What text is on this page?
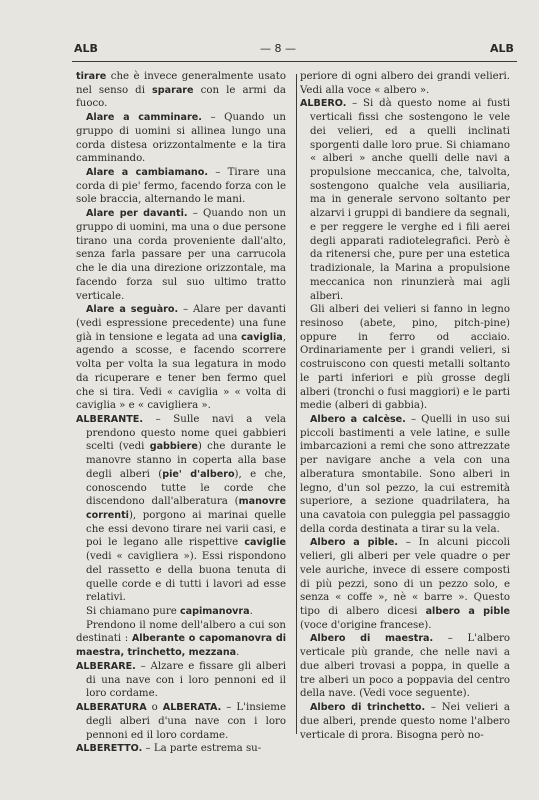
ALB	— 8 —	ALB

tirare che è invece generalmente usato nel senso di sparare con le armi da fuoco.

Alare a camminare. – Quando un gruppo di uomini si allinea lungo una corda distesa orizzontalmente e la tira camminando.

Alare a cambiamano. – Tirare una corda di pie' fermo, facendo forza con le sole braccia, alternando le mani.

Alare per davanti. – Quando non un gruppo di uomini, ma una o due persone tirano una corda proveniente dall'alto, senza farla passare per una carrucola che le dia una direzione orizzontale, ma facendo forza sul suo ultimo tratto verticale.

Alare a seguàro. – Alare per davanti (vedi espressione precedente) una fune già in tensione e legata ad una caviglia, agendo a scosse, e facendo scorrere volta per volta la sua legatura in modo da ricuperare e tener ben fermo quel che si tira. Vedi « caviglia » « volta di caviglia » e « cavigliera ».

ALBERANTE. – Sulle navi a vela prendono questo nome quei gabbieri scelti (vedi gabbiere) che durante le manovre stanno in coperta alla base degli alberi (pie' d'albero), e che, conoscendo tutte le corde che discendono dall'alberatura (manovre correnti), porgono ai marinai quelle che essi devono tirare nei varii casi, e poi le legano alle rispettive caviglie (vedi « cavigliera »). Essi rispondono del rassetto e della buona tenuta di quelle corde e di tutti i lavori ad esse relativi.

Si chiamano pure capimanovra.

Prendono il nome dell'albero a cui son destinati : Alberante o capomanovra di maestra, trinchetto, mezzana.

ALBERARE. – Alzare e fissare gli alberi di una nave con i loro pennoni ed il loro cordame.

ALBERATURA o ALBERATA. – L'insieme degli alberi d'una nave con i loro pennoni ed il loro cordame.

ALBERETTO. – La parte estrema su-

periore di ogni albero dei grandi velieri. Vedi alla voce « albero ».

ALBERO. – Si dà questo nome ai fusti verticali fissi che sostengono le vele dei velieri, ed a quelli inclinati sporgenti dalle loro prue. Si chiamano « alberi » anche quelli delle navi a propulsione meccanica, che, talvolta, sostengono qualche vela ausiliaria, ma in generale servono soltanto per alzarvi i gruppi di bandiere da segnali, e per reggere le verghe ed i fili aerei degli apparati radiotelegrafici. Però è da ritenersi che, pure per una estetica tradizionale, la Marina a propulsione meccanica non rinunzierà mai agli alberi.

Gli alberi dei velieri si fanno in legno resinoso (abete, pino, pitch-pine) oppure in ferro od acciaio. Ordinariamente per i grandi velieri, si costruiscono con questi metalli soltanto le parti inferiori e più grosse degli alberi (tronchi o fusi maggiori) e le parti medie (alberi di gabbia).

Albero a calcèse. – Quelli in uso sui piccoli bastimenti a vele latine, e sulle imbarcazioni a remi che sono attrezzate per navigare anche a vela con una alberatura smontabile. Sono alberi in legno, d'un sol pezzo, la cui estremità superiore, a sezione quadrilatera, ha una cavatoia con puleggia pel passaggio della corda destinata a tirar su la vela.

Albero a pible. – In alcuni piccoli velieri, gli alberi per vele quadre o per vele auriche, invece di essere composti di più pezzi, sono di un pezzo solo, e senza « coffe », nè « barre ». Questo tipo di albero dicesi albero a pible (voce d'origine francese).

Albero di maestra. – L'albero verticale più grande, che nelle navi a due alberi trovasi a poppa, in quelle a tre alberi un poco a poppavia del centro della nave. (Vedi voce seguente).

Albero di trinchetto. – Nei velieri a due alberi, prende questo nome l'albero verticale di prora. Bisogna però no-
